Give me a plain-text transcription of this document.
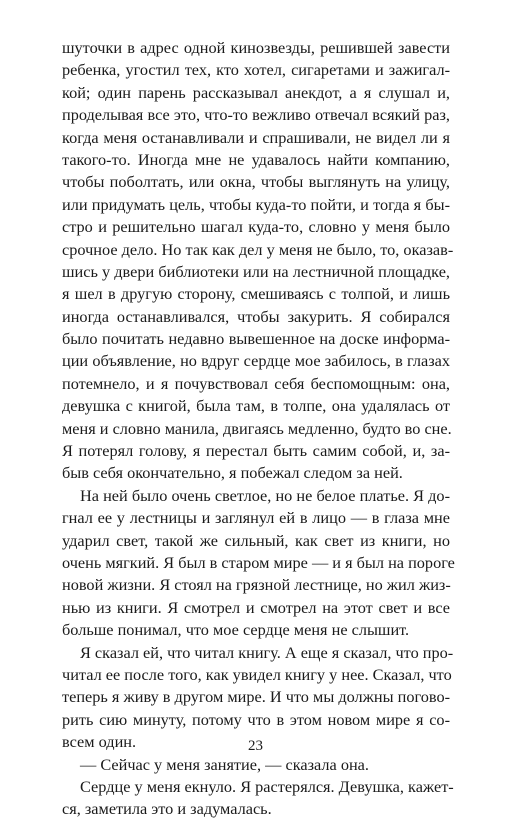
шуточки в адрес одной кинозвезды, решившей завести
ребенка, угостил тех, кто хотел, сигаретами и зажигал-
кой; один парень рассказывал анекдот, а я слушал и,
проделывая все это, что-то вежливо отвечал всякий раз,
когда меня останавливали и спрашивали, не видел ли я
такого-то. Иногда мне не удавалось найти компанию,
чтобы поболтать, или окна, чтобы выглянуть на улицу,
или придумать цель, чтобы куда-то пойти, и тогда я бы-
стро и решительно шагал куда-то, словно у меня было
срочное дело. Но так как дел у меня не было, то, оказав-
шись у двери библиотеки или на лестничной площадке,
я шел в другую сторону, смешиваясь с толпой, и лишь
иногда останавливался, чтобы закурить. Я собирался
было почитать недавно вывешенное на доске информа-
ции объявление, но вдруг сердце мое забилось, в глазах
потемнело, и я почувствовал себя беспомощным: она,
девушка с книгой, была там, в толпе, она удалялась от
меня и словно манила, двигаясь медленно, будто во сне.
Я потерял голову, я перестал быть самим собой, и, за-
быв себя окончательно, я побежал следом за ней.
На ней было очень светлое, но не белое платье. Я до-
гнал ее у лестницы и заглянул ей в лицо — в глаза мне
ударил свет, такой же сильный, как свет из книги, но
очень мягкий. Я был в старом мире — и я был на пороге
новой жизни. Я стоял на грязной лестнице, но жил жиз-
нью из книги. Я смотрел и смотрел на этот свет и все
больше понимал, что мое сердце меня не слышит.
Я сказал ей, что читал книгу. А еще я сказал, что про-
читал ее после того, как увидел книгу у нее. Сказал, что
теперь я живу в другом мире. И что мы должны погово-
рить сию минуту, потому что в этом новом мире я со-
всем один.
— Сейчас у меня занятие, — сказала она.
Сердце у меня екнуло. Я растерялся. Девушка, кажет-
ся, заметила это и задумалась.
23
